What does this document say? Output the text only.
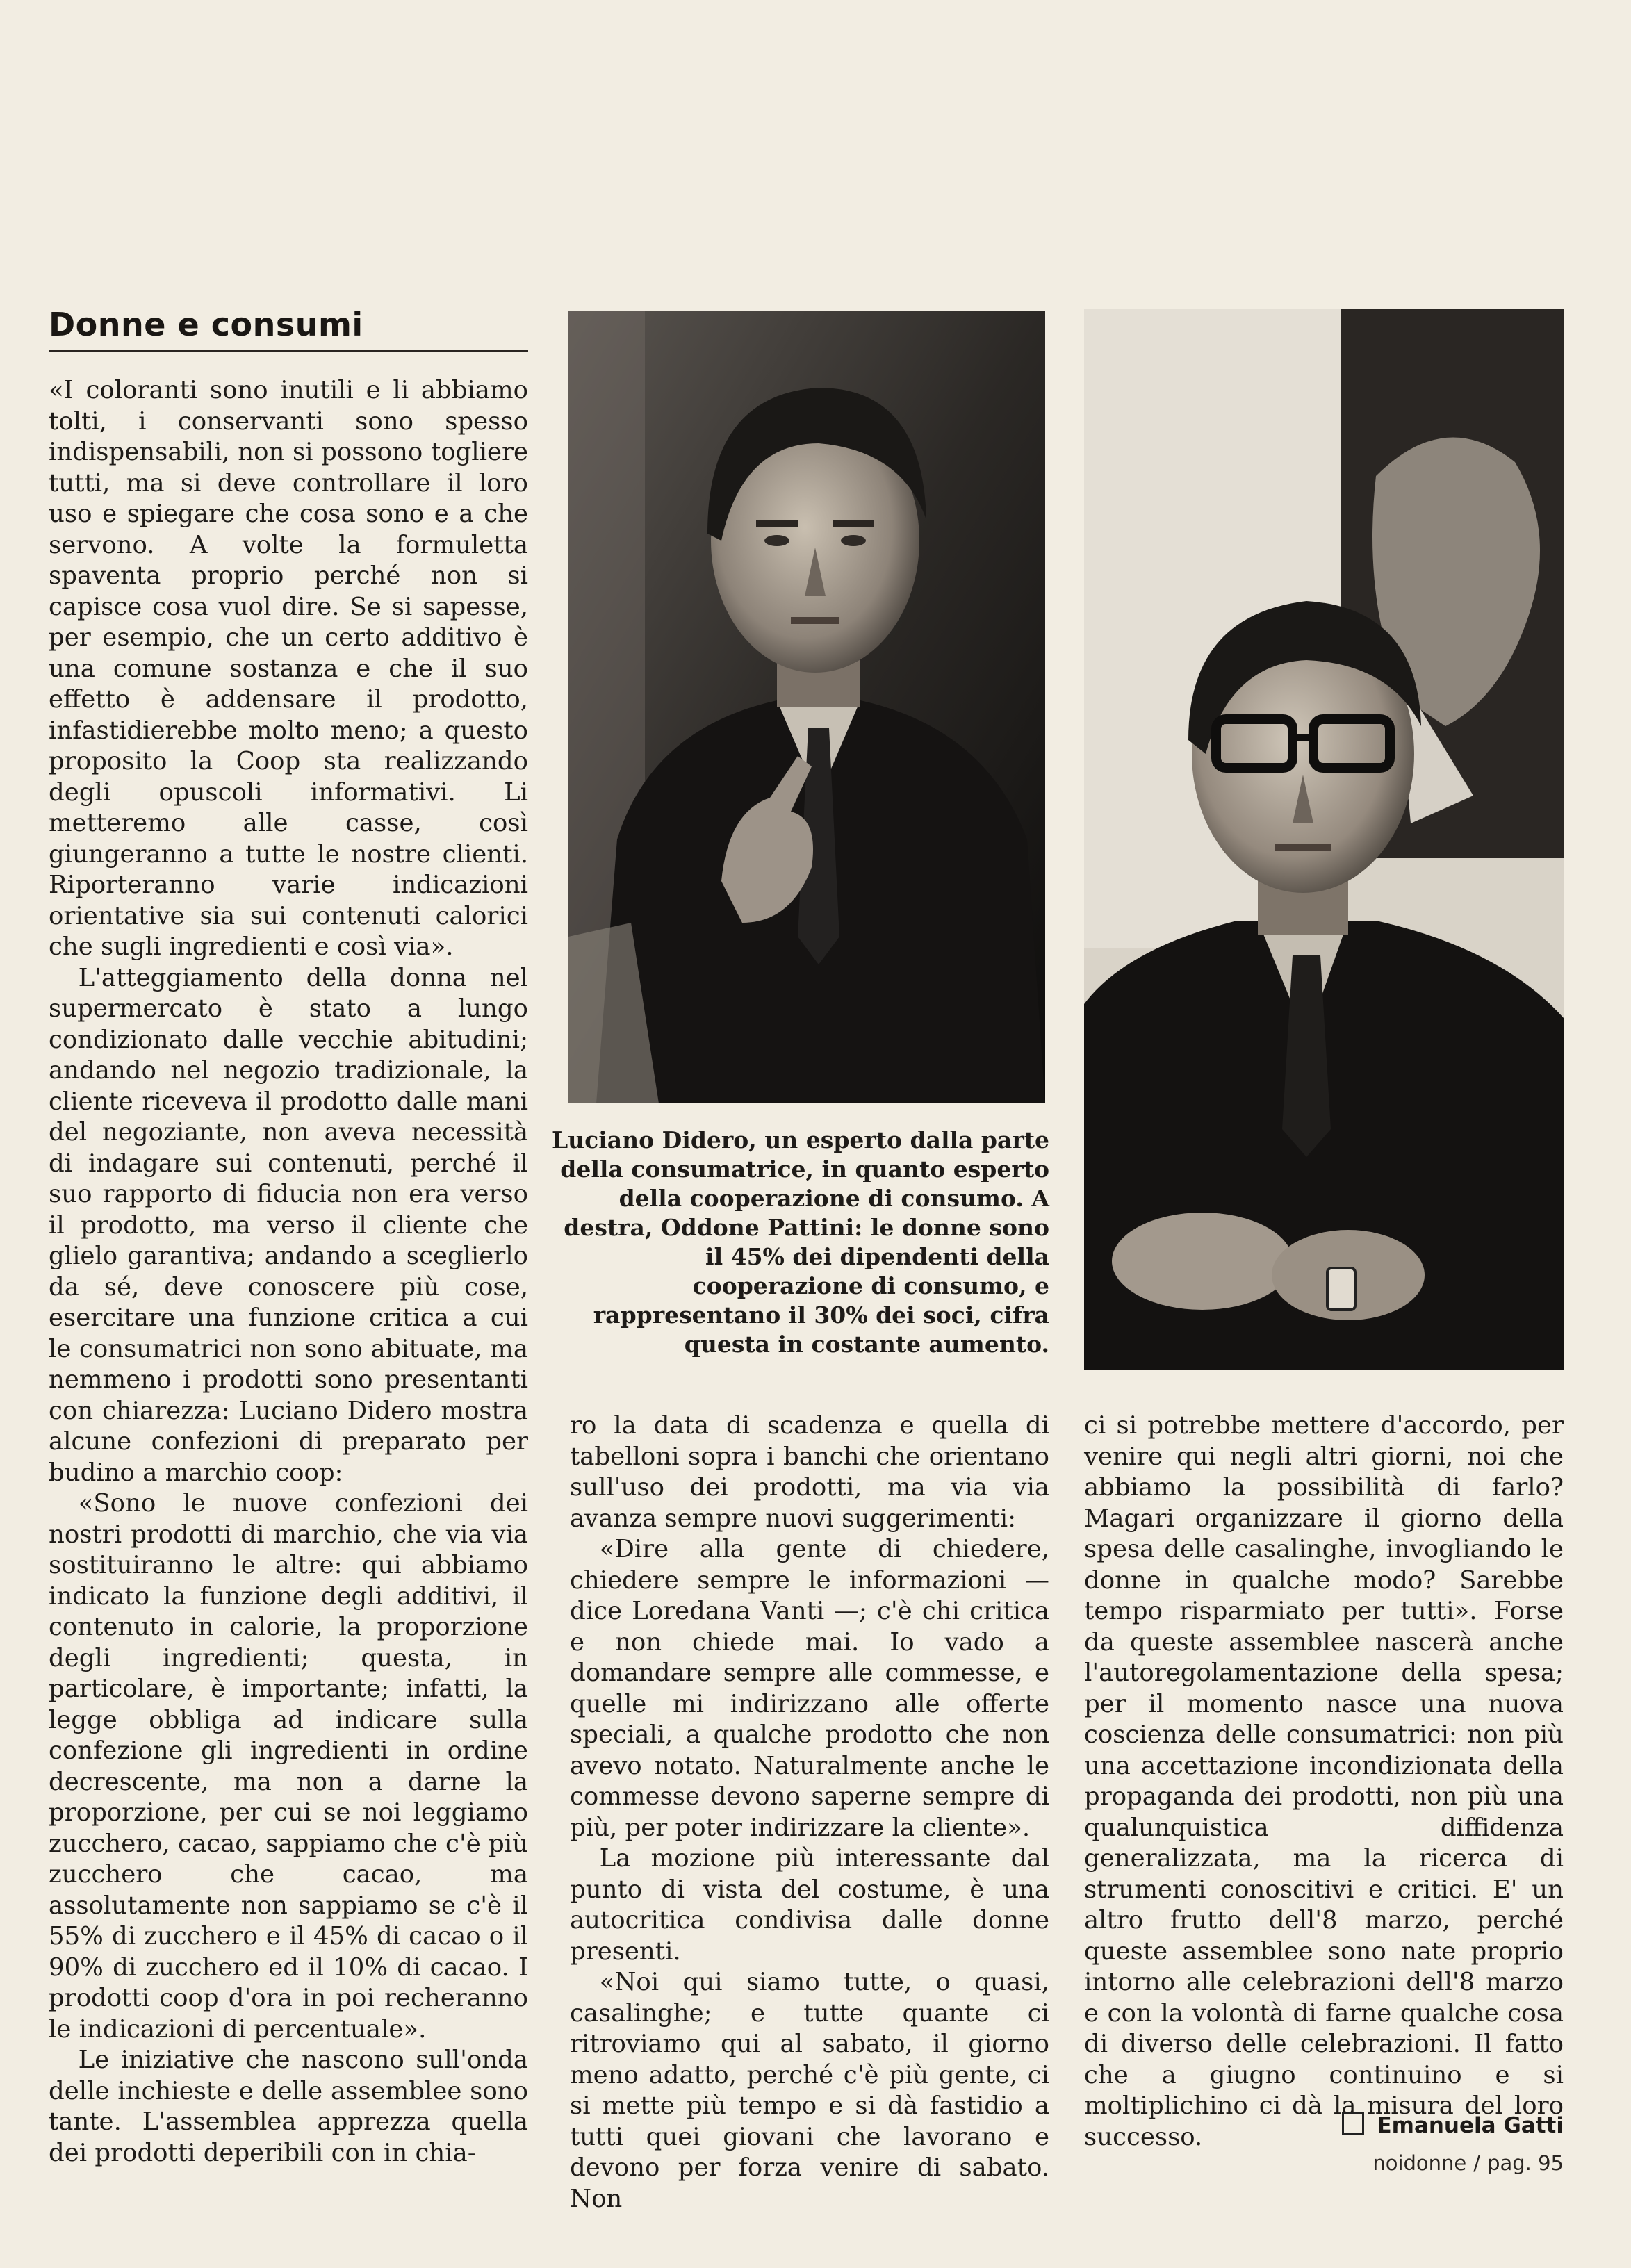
Donne e consumi

«I coloranti sono inutili e li abbiamo tolti, i conservanti sono spesso indispensabili, non si possono togliere tutti, ma si deve controllare il loro uso e spiegare che cosa sono e a che servono. A volte la formuletta spaventa proprio perché non si capisce cosa vuol dire. Se si sapesse, per esempio, che un certo additivo è una comune sostanza e che il suo effetto è addensare il prodotto, infastidierebbe molto meno; a questo proposito la Coop sta realizzando degli opuscoli informativi. Li metteremo alle casse, così giungeranno a tutte le nostre clienti. Riporteranno varie indicazioni orientative sia sui contenuti calorici che sugli ingredienti e così via».

L'atteggiamento della donna nel supermercato è stato a lungo condizionato dalle vecchie abitudini; andando nel negozio tradizionale, la cliente riceveva il prodotto dalle mani del negoziante, non aveva necessità di indagare sui contenuti, perché il suo rapporto di fiducia non era verso il prodotto, ma verso il cliente che glielo garantiva; andando a sceglierlo da sé, deve conoscere più cose, esercitare una funzione critica a cui le consumatrici non sono abituate, ma nemmeno i prodotti sono presentanti con chiarezza: Luciano Didero mostra alcune confezioni di preparato per budino a marchio coop:

«Sono le nuove confezioni dei nostri prodotti di marchio, che via via sostituiranno le altre: qui abbiamo indicato la funzione degli additivi, il contenuto in calorie, la proporzione degli ingredienti; questa, in particolare, è importante; infatti, la legge obbliga ad indicare sulla confezione gli ingredienti in ordine decrescente, ma non a darne la proporzione, per cui se noi leggiamo zucchero, cacao, sappiamo che c'è più zucchero che cacao, ma assolutamente non sappiamo se c'è il 55% di zucchero e il 45% di cacao o il 90% di zucchero ed il 10% di cacao. I prodotti coop d'ora in poi recheranno le indicazioni di percentuale».

Le iniziative che nascono sull'onda delle inchieste e delle assemblee sono tante. L'assemblea apprezza quella dei prodotti deperibili con in chia-

Luciano Didero, un esperto dalla parte della consumatrice, in quanto esperto della cooperazione di consumo. A destra, Oddone Pattini: le donne sono il 45% dei dipendenti della cooperazione di consumo, e rappresentano il 30% dei soci, cifra questa in costante aumento.

ro la data di scadenza e quella di tabelloni sopra i banchi che orientano sull'uso dei prodotti, ma via via avanza sempre nuovi suggerimenti:

«Dire alla gente di chiedere, chiedere sempre le informazioni — dice Loredana Vanti —; c'è chi critica e non chiede mai. Io vado a domandare sempre alle commesse, e quelle mi indirizzano alle offerte speciali, a qualche prodotto che non avevo notato. Naturalmente anche le commesse devono saperne sempre di più, per poter indirizzare la cliente».

La mozione più interessante dal punto di vista del costume, è una autocritica condivisa dalle donne presenti.

«Noi qui siamo tutte, o quasi, casalinghe; e tutte quante ci ritroviamo qui al sabato, il giorno meno adatto, perché c'è più gente, ci si mette più tempo e si dà fastidio a tutti quei giovani che lavorano e devono per forza venire di sabato. Non

ci si potrebbe mettere d'accordo, per venire qui negli altri giorni, noi che abbiamo la possibilità di farlo? Magari organizzare il giorno della spesa delle casalinghe, invogliando le donne in qualche modo? Sarebbe tempo risparmiato per tutti». Forse da queste assemblee nascerà anche l'autoregolamentazione della spesa; per il momento nasce una nuova coscienza delle consumatrici: non più una accettazione incondizionata della propaganda dei prodotti, non più una qualunquistica diffidenza generalizzata, ma la ricerca di strumenti conoscitivi e critici. E' un altro frutto dell'8 marzo, perché queste assemblee sono nate proprio intorno alle celebrazioni dell'8 marzo e con la volontà di farne qualche cosa di diverso delle celebrazioni. Il fatto che a giugno continuino e si moltiplichino ci dà la misura del loro successo.	Emanuela Gatti
noidonne / pag. 95
